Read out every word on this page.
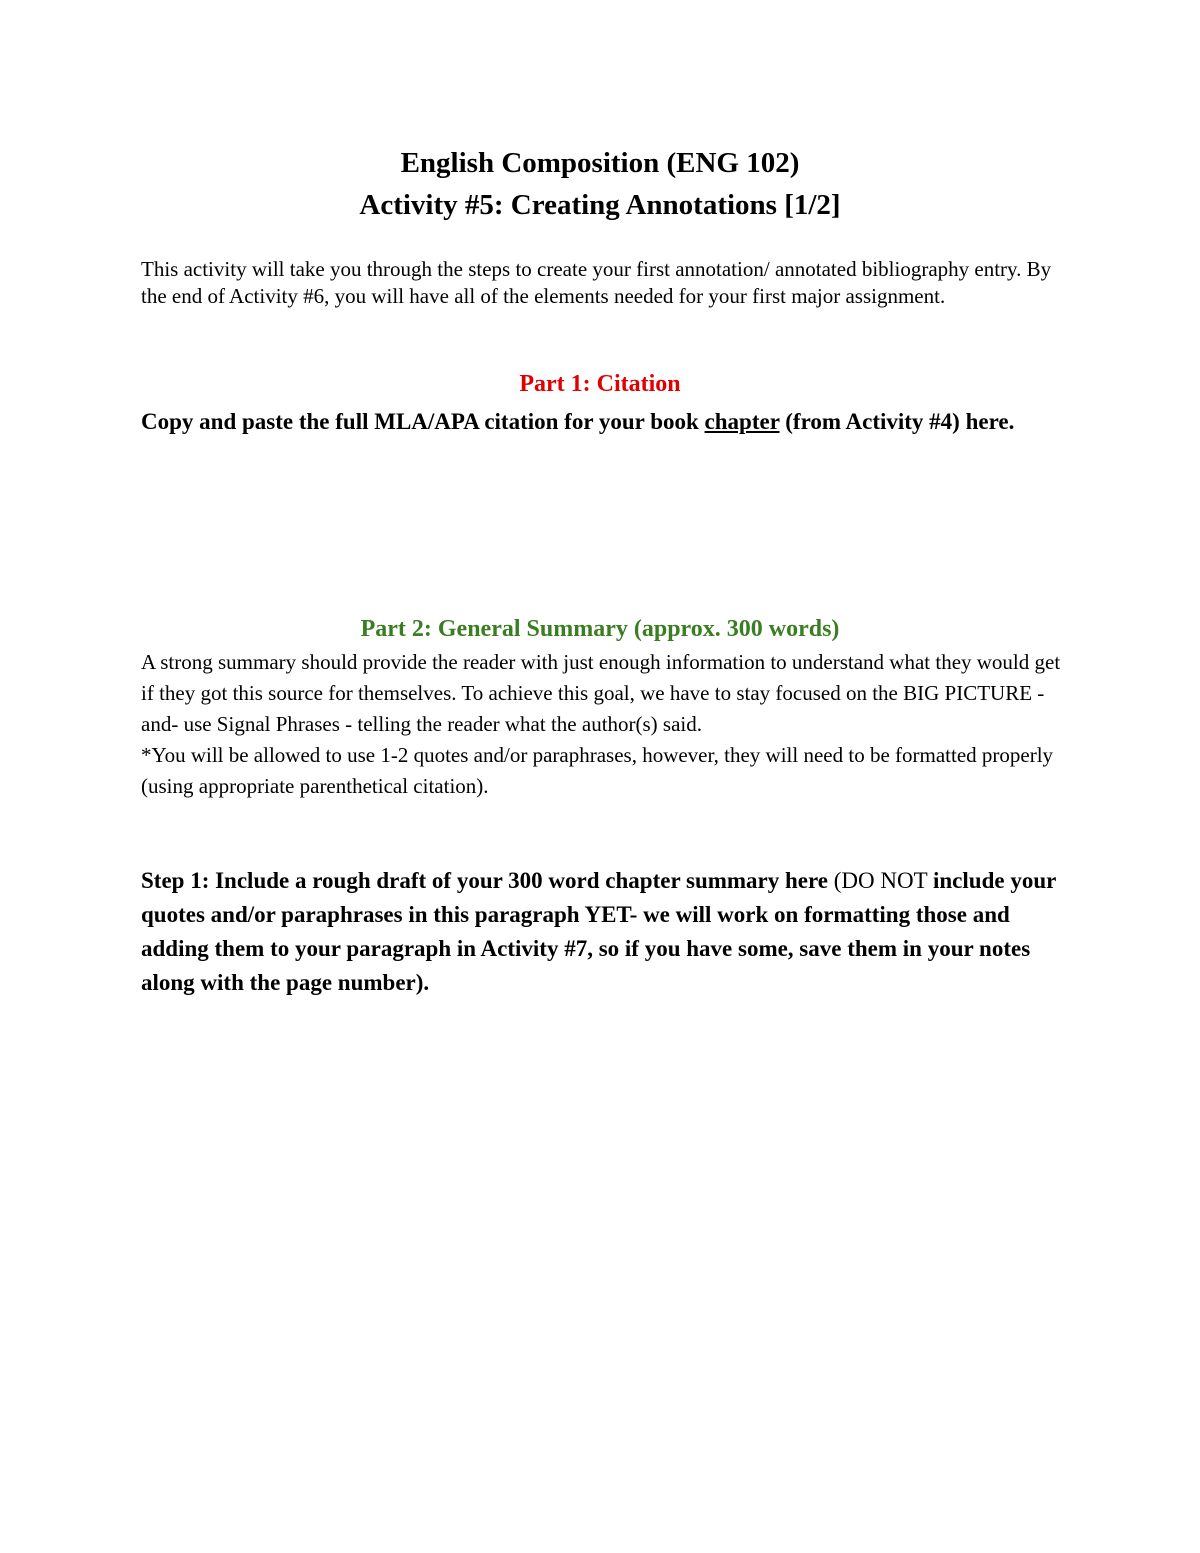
English Composition (ENG 102)
Activity #5: Creating Annotations [1/2]
This activity will take you through the steps to create your first annotation/ annotated bibliography entry. By the end of Activity #6, you will have all of the elements needed for your first major assignment.
Part 1: Citation
Copy and paste the full MLA/APA citation for your book chapter (from Activity #4) here.
Part 2: General Summary (approx. 300 words)
A strong summary should provide the reader with just enough information to understand what they would get if they got this source for themselves. To achieve this goal, we have to stay focused on the BIG PICTURE -and- use Signal Phrases - telling the reader what the author(s) said.
*You will be allowed to use 1-2 quotes and/or paraphrases, however, they will need to be formatted properly (using appropriate parenthetical citation).
Step 1: Include a rough draft of your 300 word chapter summary here (DO NOT include your quotes and/or paraphrases in this paragraph YET- we will work on formatting those and adding them to your paragraph in Activity #7, so if you have some, save them in your notes along with the page number).
